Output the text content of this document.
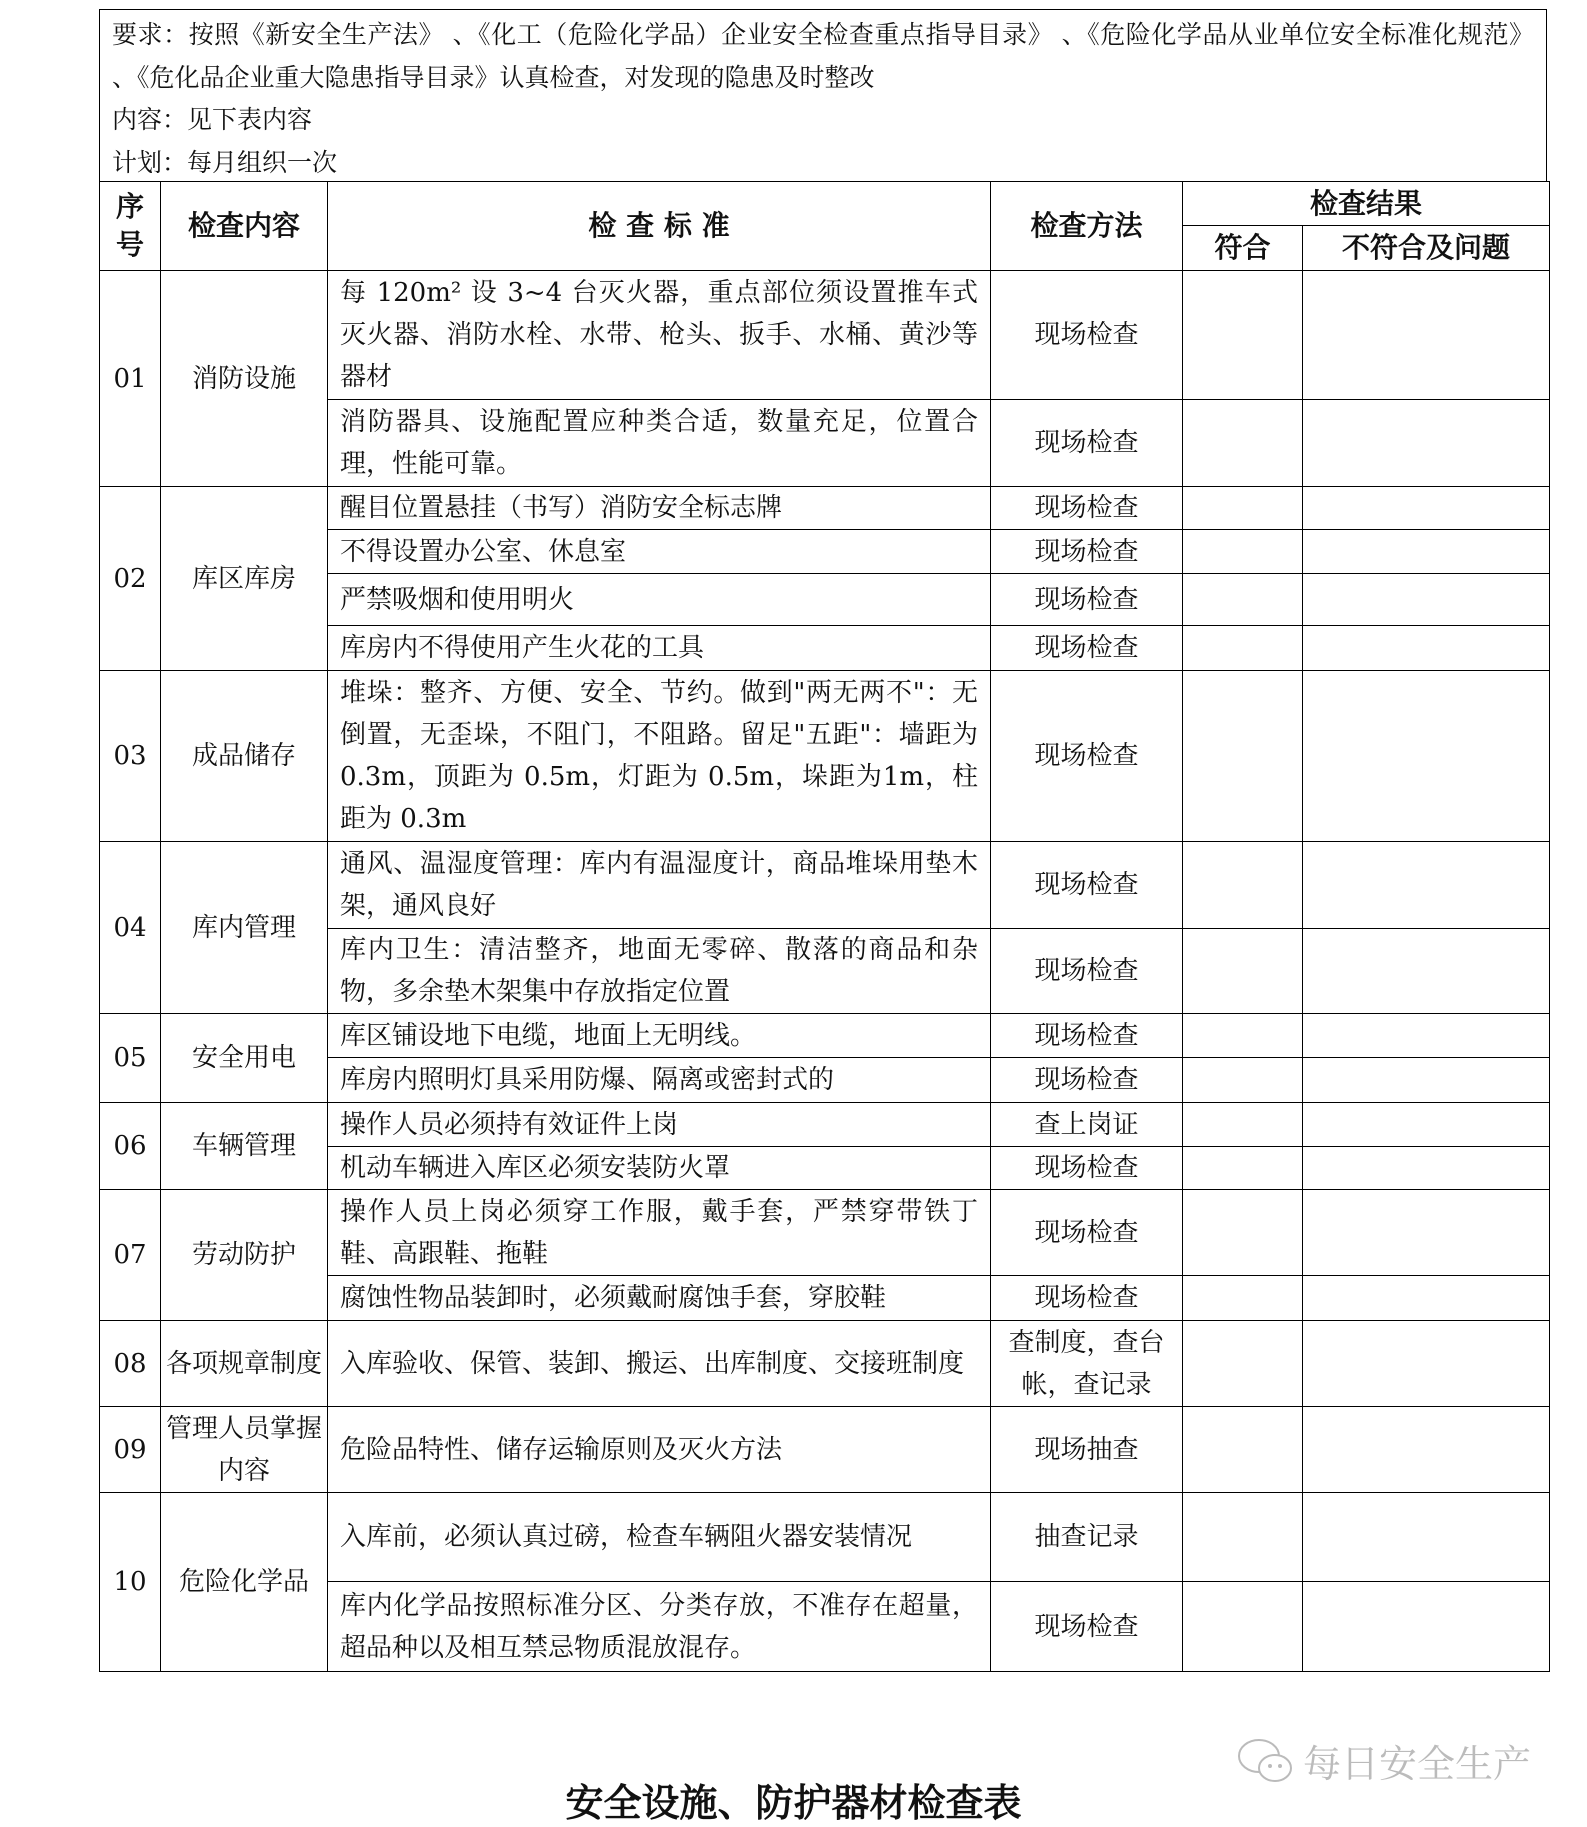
要求：按照《新安全生产法》 、《化工（危险化学品）企业安全检查重点指导目录》 、《危险化学品从业单位安全标准化规范》 、《危化品企业重大隐患指导目录》认真检查，对发现的隐患及时整改
内容：见下表内容
计划：每月组织一次
序号	检查内容	检 查 标 准	检查方法	检查结果	
				符合	不符合及问题
01	消防设施	每 120m² 设 3~4 台灭火器，重点部位须设置推车式灭火器、消防水栓、水带、枪头、扳手、水桶、黄沙等器材	现场检查		
		消防器具、设施配置应种类合适，数量充足，位置合理，性能可靠。	现场检查		
02	库区库房	醒目位置悬挂（书写）消防安全标志牌	现场检查		
		不得设置办公室、休息室	现场检查		
		严禁吸烟和使用明火	现场检查		
		库房内不得使用产生火花的工具	现场检查		
03	成品储存	堆垛：整齐、方便、安全、节约。做到"两无两不"：无倒置，无歪垛，不阻门，不阻路。留足"五距"：墙距为 0.3m，顶距为 0.5m，灯距为 0.5m，垛距为1m，柱距为 0.3m	现场检查		
04	库内管理	通风、温湿度管理：库内有温湿度计，商品堆垛用垫木架，通风良好	现场检查		
		库内卫生：清洁整齐，地面无零碎、散落的商品和杂物，多余垫木架集中存放指定位置	现场检查		
05	安全用电	库区铺设地下电缆，地面上无明线。	现场检查		
		库房内照明灯具采用防爆、隔离或密封式的	现场检查		
06	车辆管理	操作人员必须持有效证件上岗	查上岗证		
		机动车辆进入库区必须安装防火罩	现场检查		
07	劳动防护	操作人员上岗必须穿工作服，戴手套，严禁穿带铁丁鞋、高跟鞋、拖鞋	现场检查		
		腐蚀性物品装卸时，必须戴耐腐蚀手套，穿胶鞋	现场检查		
08	各项规章制度	入库验收、保管、装卸、搬运、出库制度、交接班制度	查制度，查台帐，查记录		
09	管理人员掌握内容	危险品特性、储存运输原则及灭火方法	现场抽查		
10	危险化学品	入库前，必须认真过磅，检查车辆阻火器安装情况	抽查记录		
		库内化学品按照标准分区、分类存放，不准存在超量，超品种以及相互禁忌物质混放混存。	现场检查		
每日安全生产
安全设施、防护器材检查表
